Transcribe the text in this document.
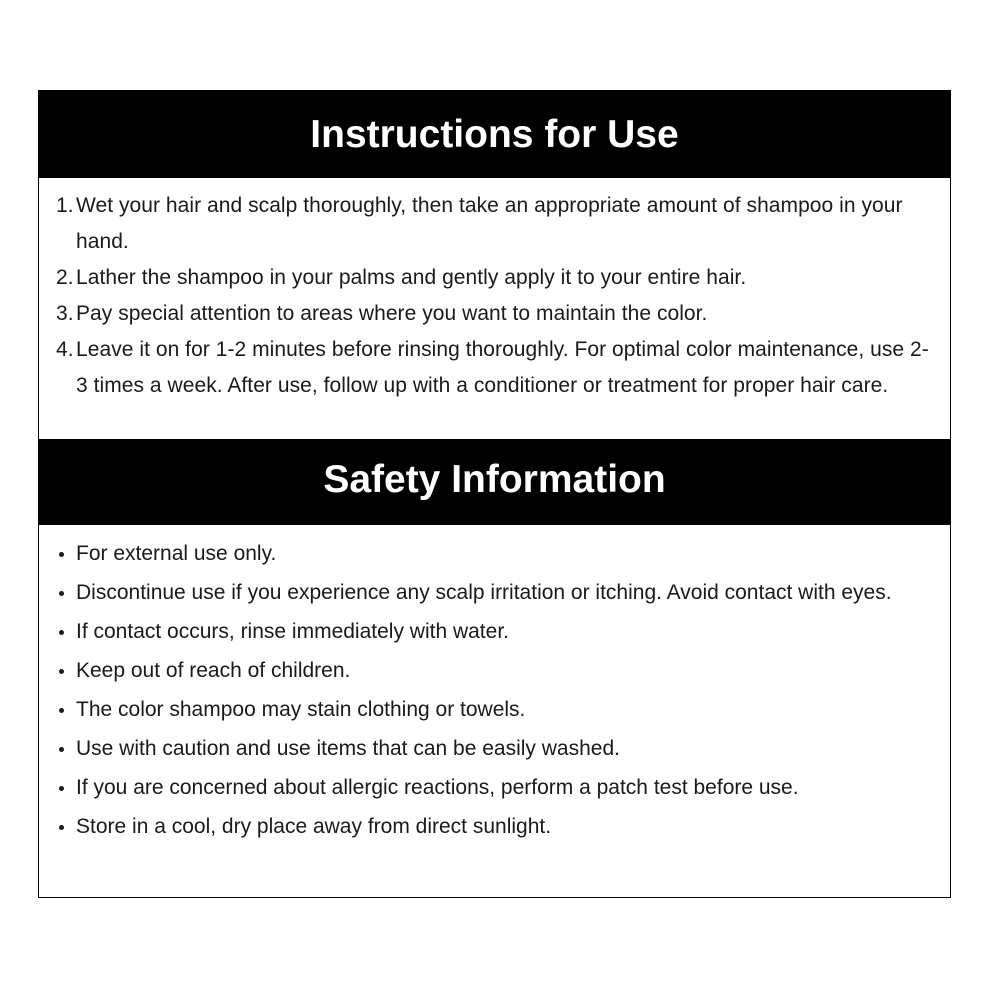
Instructions for Use
1. Wet your hair and scalp thoroughly, then take an appropriate amount of shampoo in your hand.
2. Lather the shampoo in your palms and gently apply it to your entire hair.
3. Pay special attention to areas where you want to maintain the color.
4. Leave it on for 1-2 minutes before rinsing thoroughly. For optimal color maintenance, use 2-3 times a week. After use, follow up with a conditioner or treatment for proper hair care.
Safety Information
For external use only.
Discontinue use if you experience any scalp irritation or itching. Avoid contact with eyes.
If contact occurs, rinse immediately with water.
Keep out of reach of children.
The color shampoo may stain clothing or towels.
Use with caution and use items that can be easily washed.
If you are concerned about allergic reactions, perform a patch test before use.
Store in a cool, dry place away from direct sunlight.
